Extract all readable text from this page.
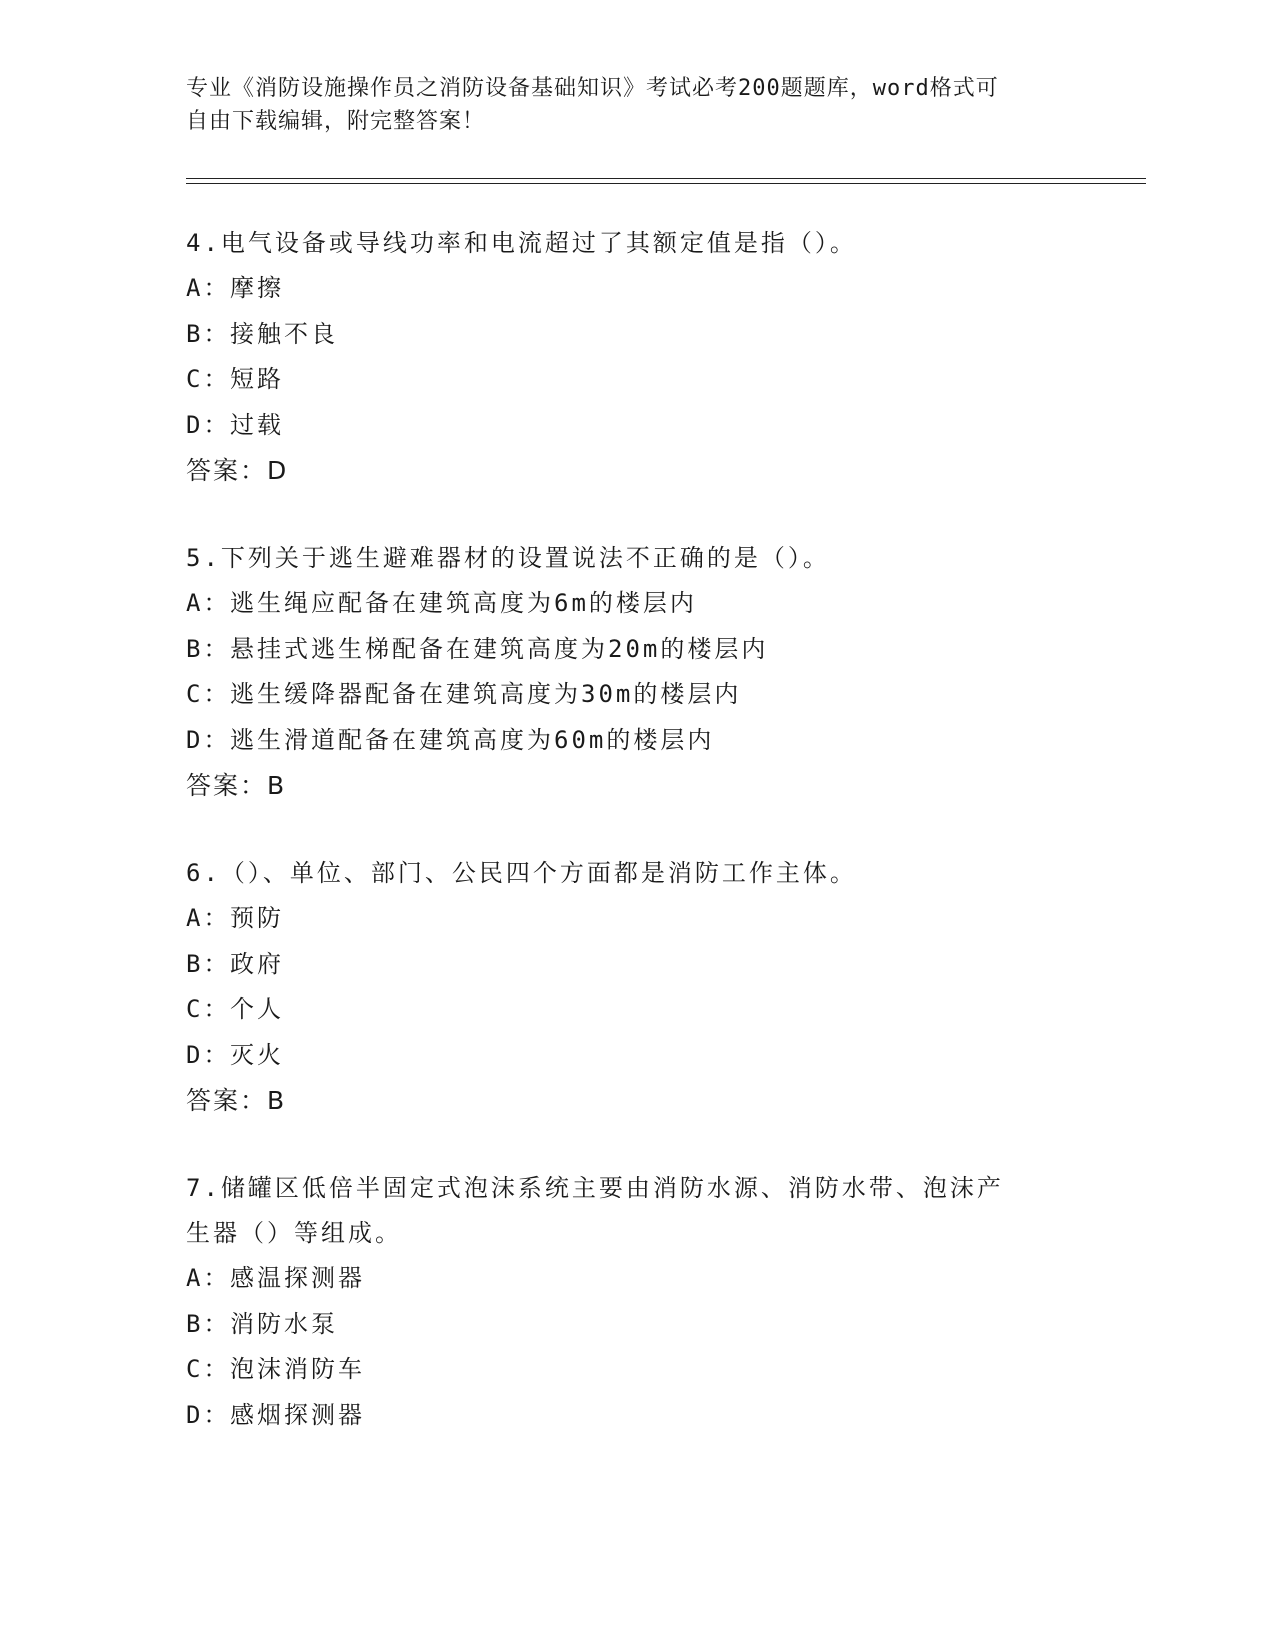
专业《消防设施操作员之消防设备基础知识》考试必考200题题库，word格式可
自由下载编辑，附完整答案！
4.电气设备或导线功率和电流超过了其额定值是指（）。
A：摩擦
B：接触不良
C：短路
D：过载
答案：D
5.下列关于逃生避难器材的设置说法不正确的是（）。
A：逃生绳应配备在建筑高度为6m的楼层内
B：悬挂式逃生梯配备在建筑高度为20m的楼层内
C：逃生缓降器配备在建筑高度为30m的楼层内
D：逃生滑道配备在建筑高度为60m的楼层内
答案：B
6.（）、单位、部门、公民四个方面都是消防工作主体。
A：预防
B：政府
C：个人
D：灭火
答案：B
7.储罐区低倍半固定式泡沫系统主要由消防水源、消防水带、泡沫产
生器（）等组成。
A：感温探测器
B：消防水泵
C：泡沫消防车
D：感烟探测器
